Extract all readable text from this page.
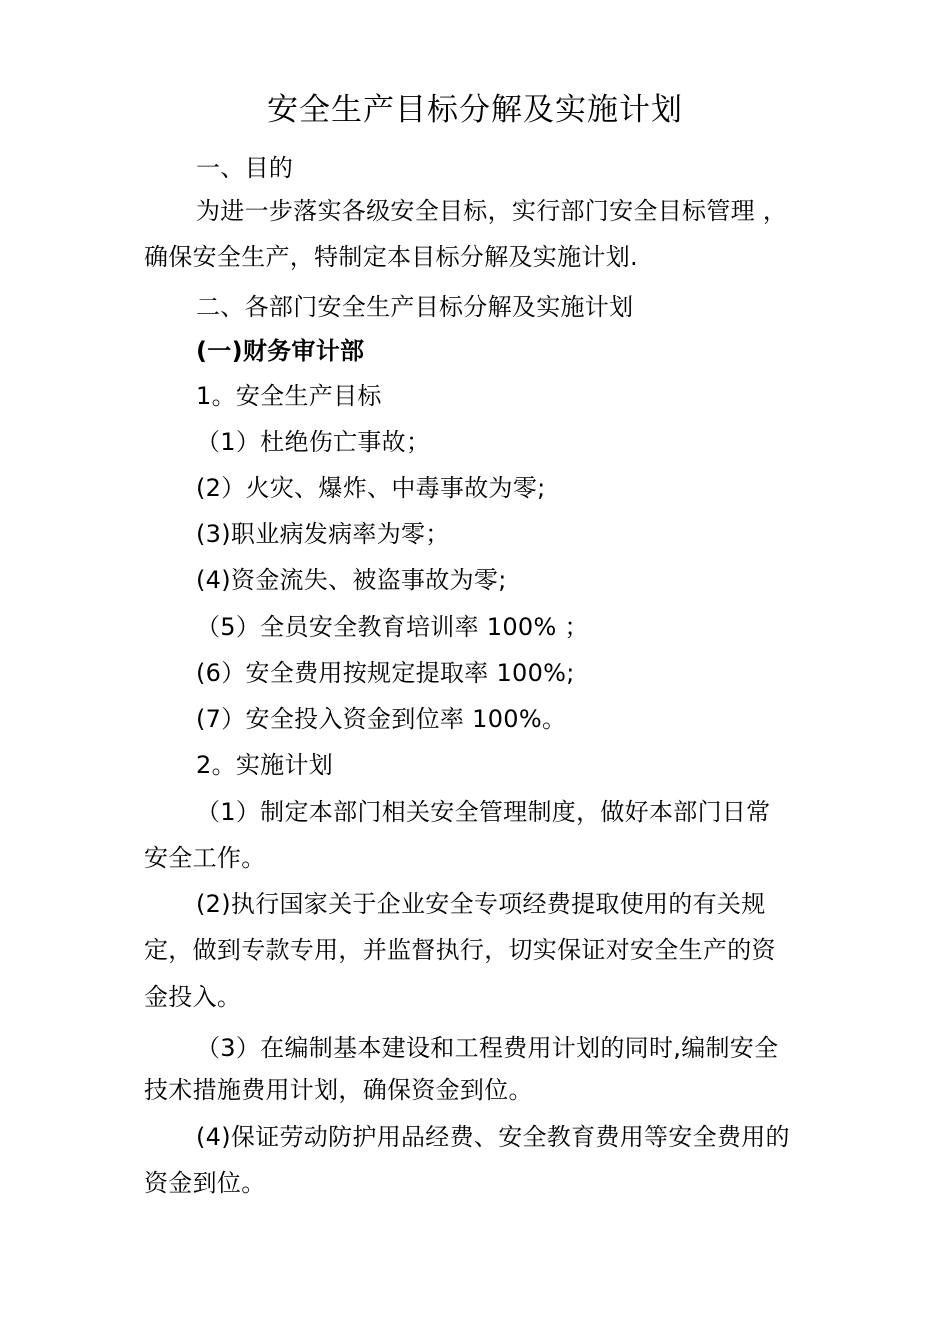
安全生产目标分解及实施计划
一、目的
为进一步落实各级安全目标，实行部门安全目标管理 ，
确保安全生产，特制定本目标分解及实施计划.
二、各部门安全生产目标分解及实施计划
(一)财务审计部
1。安全生产目标
（1）杜绝伤亡事故；
(2）火灾、爆炸、中毒事故为零;
(3)职业病发病率为零；
(4)资金流失、被盗事故为零;
（5）全员安全教育培训率 100% ；
(6）安全费用按规定提取率 100%;
(7）安全投入资金到位率 100%。
2。实施计划
（1）制定本部门相关安全管理制度，做好本部门日常
安全工作。
(2)执行国家关于企业安全专项经费提取使用的有关规
定，做到专款专用，并监督执行，切实保证对安全生产的资
金投入。
（3）在编制基本建设和工程费用计划的同时,编制安全
技术措施费用计划，确保资金到位。
(4)保证劳动防护用品经费、安全教育费用等安全费用的
资金到位。
